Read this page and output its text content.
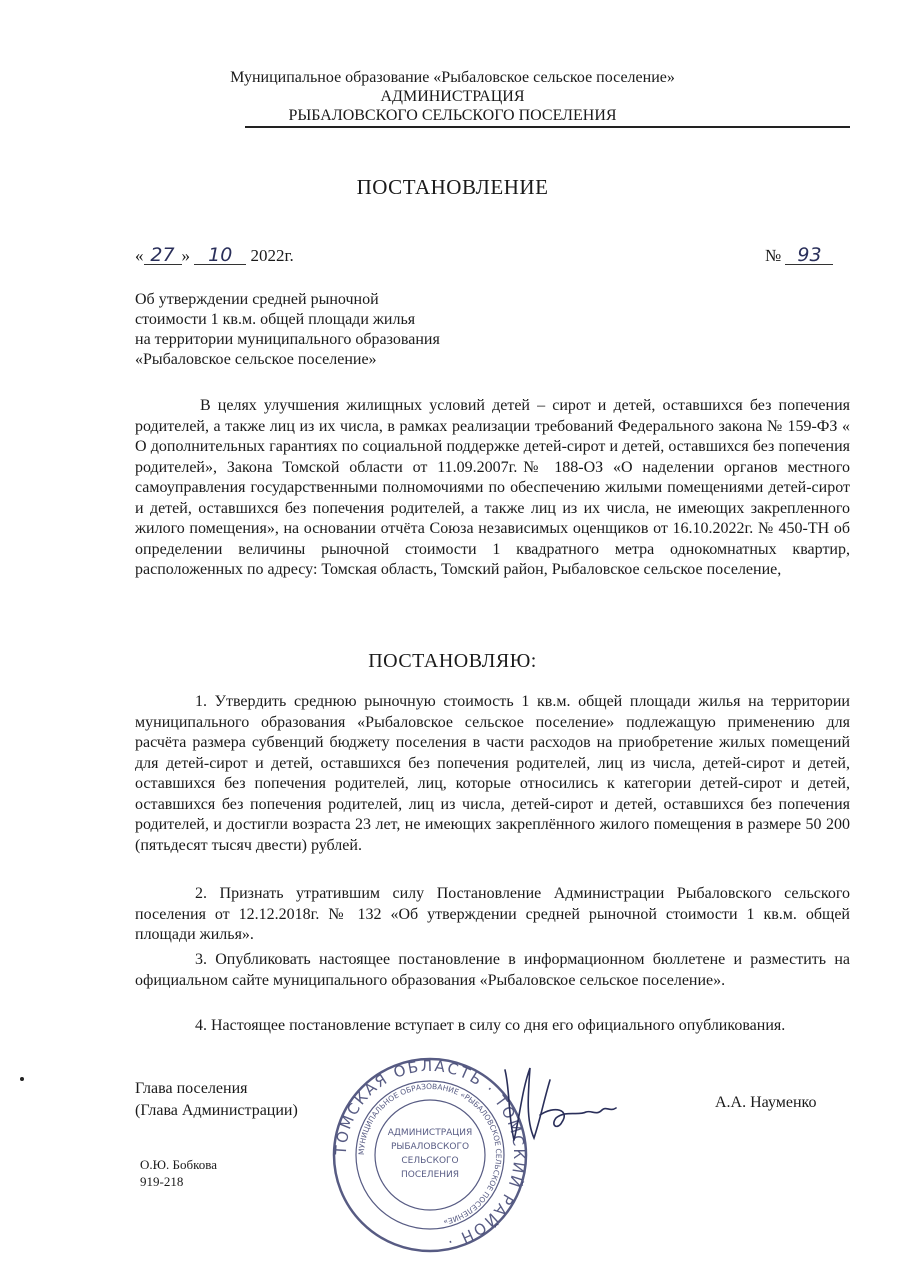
Муниципальное образование «Рыбаловское сельское поселение»
АДМИНИСТРАЦИЯ
РЫБАЛОВСКОГО СЕЛЬСКОГО ПОСЕЛЕНИЯ
ПОСТАНОВЛЕНИЕ
« 27 » 10 2022г.	№ 93
Об утверждении средней рыночной
стоимости 1 кв.м. общей площади жилья
на территории муниципального образования
«Рыбаловское сельское поселение»
В целях улучшения жилищных условий детей – сирот и детей, оставшихся без попечения родителей, а также лиц из их числа, в рамках реализации требований Федерального закона № 159-ФЗ « О дополнительных гарантиях по социальной поддержке детей-сирот и детей, оставшихся без попечения родителей», Закона Томской области от 11.09.2007г.№ 188-ОЗ «О наделении органов местного самоуправления государственными полномочиями по обеспечению жилыми помещениями детей-сирот и детей, оставшихся без попечения родителей, а также лиц из их числа, не имеющих закрепленного жилого помещения», на основании отчёта Союза независимых оценщиков от 16.10.2022г. № 450-ТН об определении величины рыночной стоимости 1 квадратного метра однокомнатных квартир, расположенных по адресу: Томская область, Томский район, Рыбаловское сельское поселение,
ПОСТАНОВЛЯЮ:
1. Утвердить среднюю рыночную стоимость 1 кв.м. общей площади жилья на территории муниципального образования «Рыбаловское сельское поселение» подлежащую применению для расчёта размера субвенций бюджету поселения в части расходов на приобретение жилых помещений для детей-сирот и детей, оставшихся без попечения родителей, лиц из числа, детей-сирот и детей, оставшихся без попечения родителей, лиц, которые относились к категории детей-сирот и детей, оставшихся без попечения родителей, лиц из числа, детей-сирот и детей, оставшихся без попечения родителей, и достигли возраста 23 лет, не имеющих закреплённого жилого помещения в размере 50 200 (пятьдесят тысяч двести) рублей.
2. Признать утратившим силу Постановление Администрации Рыбаловского сельского поселения от 12.12.2018г. № 132 «Об утверждении средней рыночной стоимости 1 кв.м. общей площади жилья».
3. Опубликовать настоящее постановление в информационном бюллетене и разместить на официальном сайте муниципального образования «Рыбаловское сельское поселение».
4. Настоящее постановление вступает в силу со дня его официального опубликования.
Глава поселения
(Глава Администрации)	А.А. Науменко
О.Ю. Бобкова
919-218
ТОМСКАЯ ОБЛАСТЬ · ТОМСКИЙ РАЙОН ·
МУНИЦИПАЛЬНОЕ ОБРАЗОВАНИЕ «РЫБАЛОВСКОЕ СЕЛЬСКОЕ ПОСЕЛЕНИЕ»
АДМИНИСТРАЦИЯ
РЫБАЛОВСКОГО
СЕЛЬСКОГО
ПОСЕЛЕНИЯ
